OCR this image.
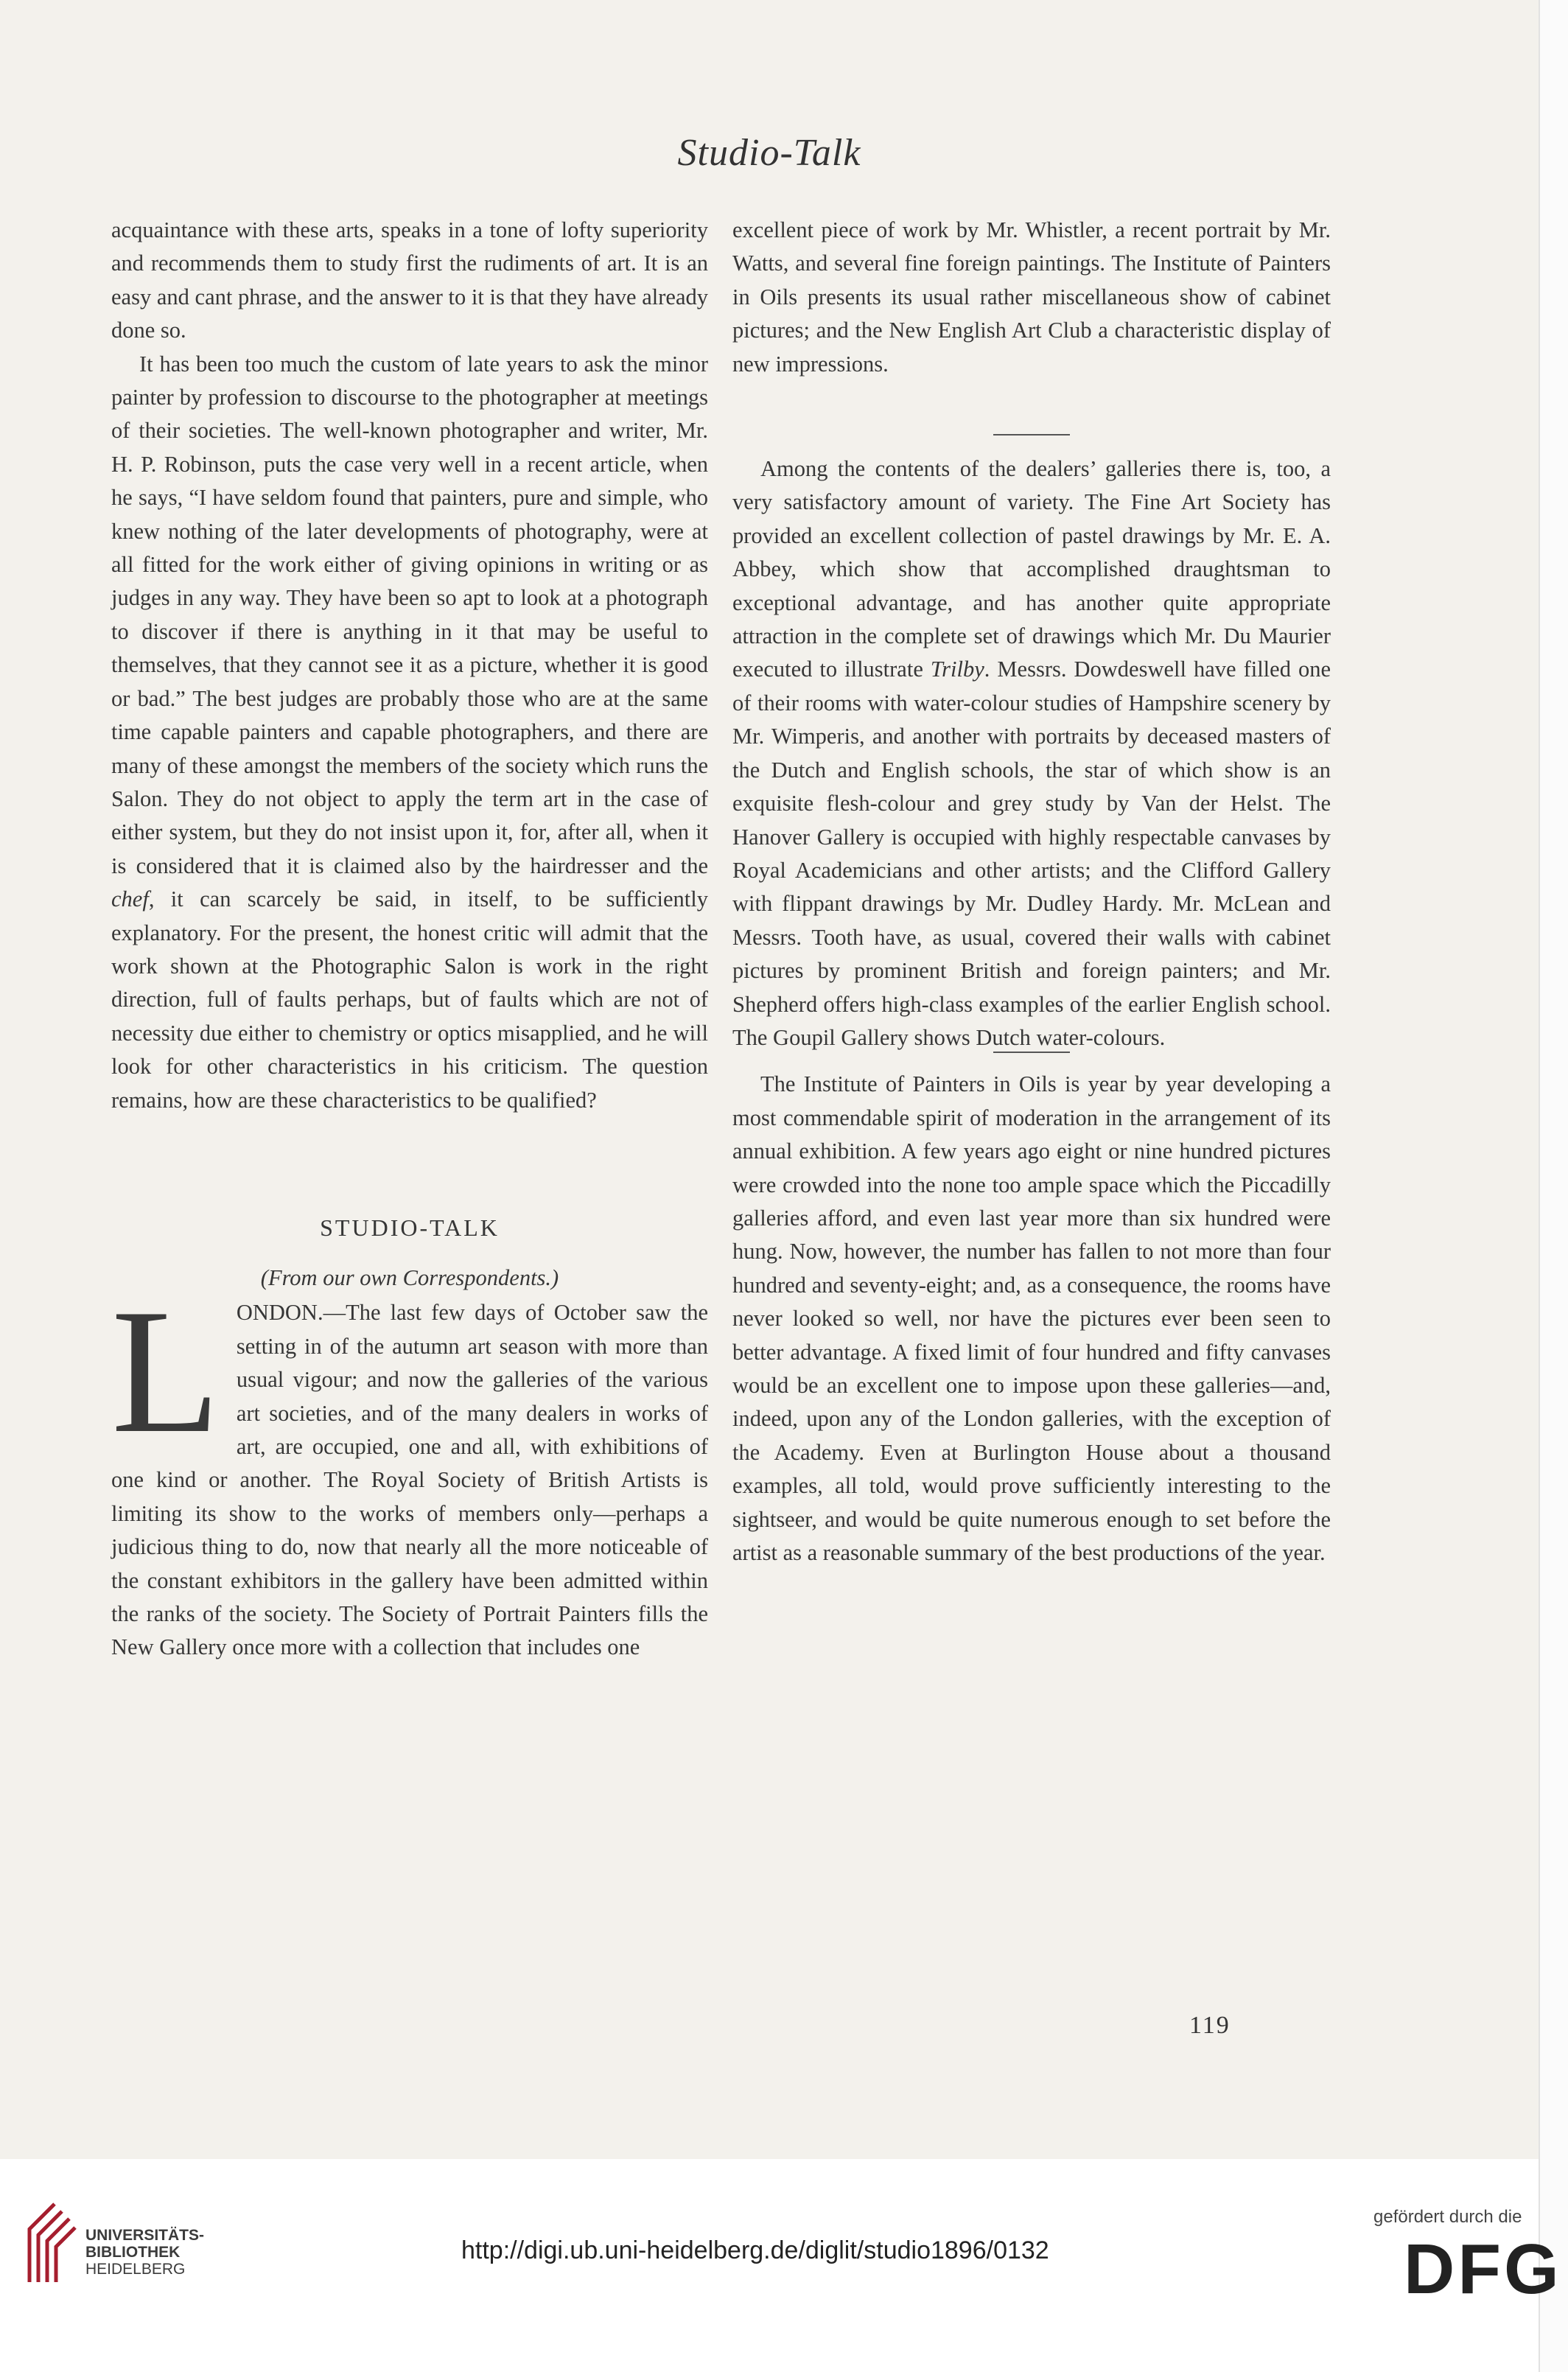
Studio-Talk

acquaintance with these arts, speaks in a tone of lofty superiority and recommends them to study first the rudiments of art. It is an easy and cant phrase, and the answer to it is that they have already done so.

It has been too much the custom of late years to ask the minor painter by profession to discourse to the photographer at meetings of their societies. The well-known photographer and writer, Mr. H. P. Robinson, puts the case very well in a recent article, when he says, “I have seldom found that painters, pure and simple, who knew nothing of the later developments of photography, were at all fitted for the work either of giving opinions in writing or as judges in any way. They have been so apt to look at a photograph to discover if there is anything in it that may be useful to themselves, that they cannot see it as a picture, whether it is good or bad.” The best judges are probably those who are at the same time capable painters and capable photographers, and there are many of these amongst the members of the society which runs the Salon. They do not object to apply the term art in the case of either system, but they do not insist upon it, for, after all, when it is considered that it is claimed also by the hairdresser and the chef, it can scarcely be said, in itself, to be sufficiently explanatory. For the present, the honest critic will admit that the work shown at the Photographic Salon is work in the right direction, full of faults perhaps, but of faults which are not of necessity due either to chemistry or optics misapplied, and he will look for other characteristics in his criticism. The question remains, how are these characteristics to be qualified?

STUDIO-TALK
(From our own Correspondents.)

LONDON.—The last few days of October saw the setting in of the autumn art season with more than usual vigour; and now the galleries of the various art societies, and of the many dealers in works of art, are occupied, one and all, with exhibitions of one kind or another. The Royal Society of British Artists is limiting its show to the works of members only—perhaps a judicious thing to do, now that nearly all the more noticeable of the constant exhibitors in the gallery have been admitted within the ranks of the society. The Society of Portrait Painters fills the New Gallery once more with a collection that includes one

excellent piece of work by Mr. Whistler, a recent portrait by Mr. Watts, and several fine foreign paintings. The Institute of Painters in Oils presents its usual rather miscellaneous show of cabinet pictures; and the New English Art Club a characteristic display of new impressions.

Among the contents of the dealers’ galleries there is, too, a very satisfactory amount of variety. The Fine Art Society has provided an excellent collection of pastel drawings by Mr. E. A. Abbey, which show that accomplished draughtsman to exceptional advantage, and has another quite appropriate attraction in the complete set of drawings which Mr. Du Maurier executed to illustrate Trilby. Messrs. Dowdeswell have filled one of their rooms with water-colour studies of Hampshire scenery by Mr. Wimperis, and another with portraits by deceased masters of the Dutch and English schools, the star of which show is an exquisite flesh-colour and grey study by Van der Helst. The Hanover Gallery is occupied with highly respectable canvases by Royal Academicians and other artists; and the Clifford Gallery with flippant drawings by Mr. Dudley Hardy. Mr. McLean and Messrs. Tooth have, as usual, covered their walls with cabinet pictures by prominent British and foreign painters; and Mr. Shepherd offers high-class examples of the earlier English school. The Goupil Gallery shows Dutch water-colours.

The Institute of Painters in Oils is year by year developing a most commendable spirit of moderation in the arrangement of its annual exhibition. A few years ago eight or nine hundred pictures were crowded into the none too ample space which the Piccadilly galleries afford, and even last year more than six hundred were hung. Now, however, the number has fallen to not more than four hundred and seventy-eight; and, as a consequence, the rooms have never looked so well, nor have the pictures ever been seen to better advantage. A fixed limit of four hundred and fifty canvases would be an excellent one to impose upon these galleries—and, indeed, upon any of the London galleries, with the exception of the Academy. Even at Burlington House about a thousand examples, all told, would prove sufficiently interesting to the sightseer, and would be quite numerous enough to set before the artist as a reasonable summary of the best productions of the year.

119
UNIVERSITÄTS-
BIBLIOTHEK
HEIDELBERG
http://digi.ub.uni-heidelberg.de/diglit/studio1896/0132
gefördert durch die
DFG
